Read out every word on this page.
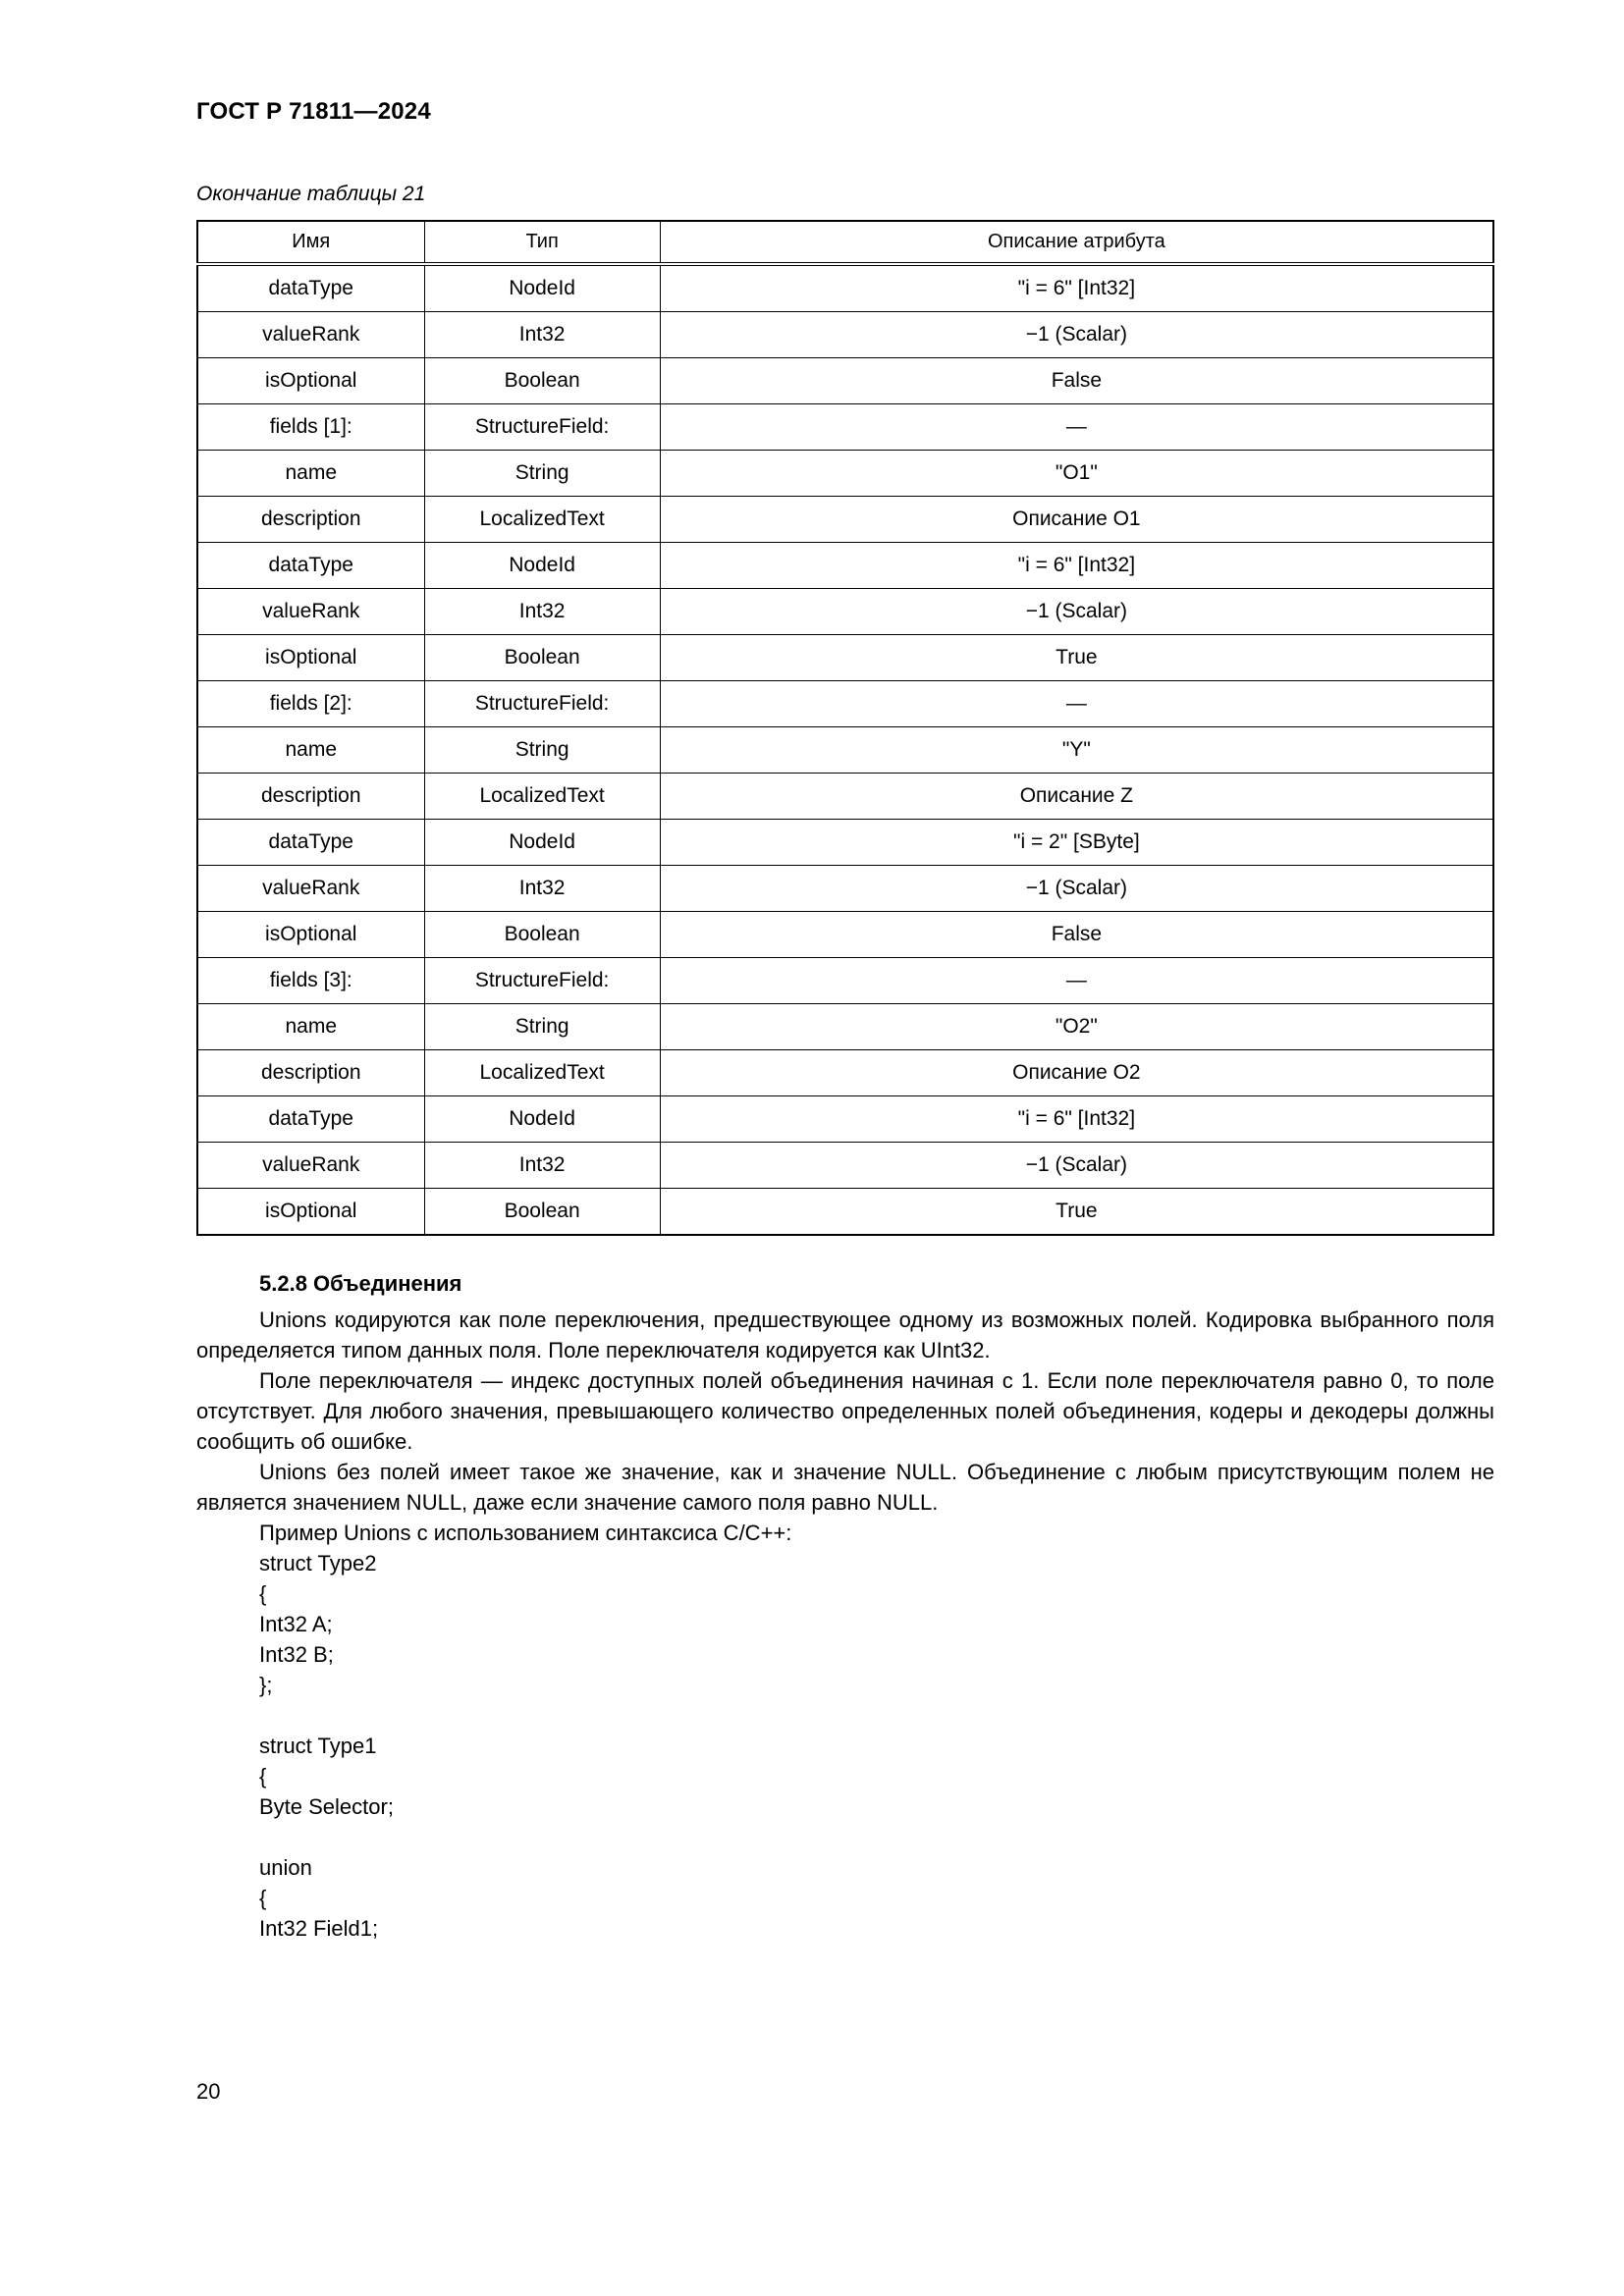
ГОСТ Р 71811—2024
Окончание таблицы 21
Имя	Тип	Описание атрибута
dataType	NodeId	"i = 6" [Int32]
valueRank	Int32	−1 (Scalar)
isOptional	Boolean	False
fields [1]:	StructureField:	—
name	String	"O1"
description	LocalizedText	Описание O1
dataType	NodeId	"i = 6" [Int32]
valueRank	Int32	−1 (Scalar)
isOptional	Boolean	True
fields [2]:	StructureField:	—
name	String	"Y"
description	LocalizedText	Описание Z
dataType	NodeId	"i = 2" [SByte]
valueRank	Int32	−1 (Scalar)
isOptional	Boolean	False
fields [3]:	StructureField:	—
name	String	"O2"
description	LocalizedText	Описание O2
dataType	NodeId	"i = 6" [Int32]
valueRank	Int32	−1 (Scalar)
isOptional	Boolean	True
5.2.8 Объединения

Unions кодируются как поле переключения, предшествующее одному из возможных полей. Кодировка выбранного поля определяется типом данных поля. Поле переключателя кодируется как UInt32.

Поле переключателя — индекс доступных полей объединения начиная с 1. Если поле переключателя равно 0, то поле отсутствует. Для любого значения, превышающего количество определенных полей объединения, кодеры и декодеры должны сообщить об ошибке.

Unions без полей имеет такое же значение, как и значение NULL. Объединение с любым присутствующим полем не является значением NULL, даже если значение самого поля равно NULL.

Пример Unions с использованием синтаксиса C/C++:

struct Type2
{
Int32 A;
Int32 B;
};

struct Type1
{
Byte Selector;

union
{
Int32 Field1;
20
